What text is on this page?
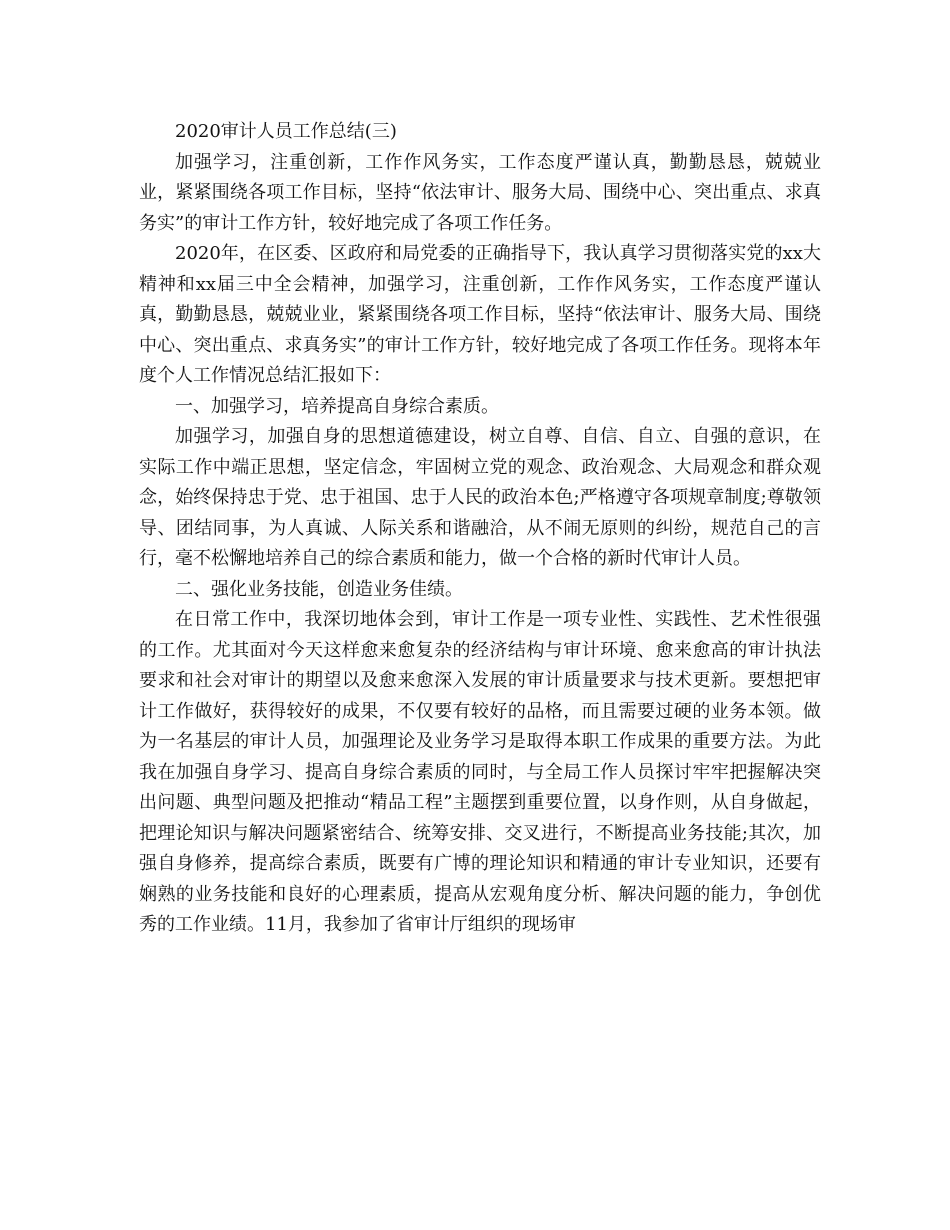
2020审计人员工作总结(三)

加强学习，注重创新，工作作风务实，工作态度严谨认真，勤勤恳恳，兢兢业业，紧紧围绕各项工作目标，坚持“依法审计、服务大局、围绕中心、突出重点、求真务实”的审计工作方针，较好地完成了各项工作任务。

2020年，在区委、区政府和局党委的正确指导下，我认真学习贯彻落实党的xx大精神和xx届三中全会精神，加强学习，注重创新，工作作风务实，工作态度严谨认真，勤勤恳恳，兢兢业业，紧紧围绕各项工作目标，坚持“依法审计、服务大局、围绕中心、突出重点、求真务实”的审计工作方针，较好地完成了各项工作任务。现将本年度个人工作情况总结汇报如下：

一、加强学习，培养提高自身综合素质。

加强学习，加强自身的思想道德建设，树立自尊、自信、自立、自强的意识，在实际工作中端正思想，坚定信念，牢固树立党的观念、政治观念、大局观念和群众观念，始终保持忠于党、忠于祖国、忠于人民的政治本色;严格遵守各项规章制度;尊敬领导、团结同事，为人真诚、人际关系和谐融洽，从不闹无原则的纠纷，规范自己的言行，毫不松懈地培养自己的综合素质和能力，做一个合格的新时代审计人员。

二、强化业务技能，创造业务佳绩。

在日常工作中，我深切地体会到，审计工作是一项专业性、实践性、艺术性很强的工作。尤其面对今天这样愈来愈复杂的经济结构与审计环境、愈来愈高的审计执法要求和社会对审计的期望以及愈来愈深入发展的审计质量要求与技术更新。要想把审计工作做好，获得较好的成果，不仅要有较好的品格，而且需要过硬的业务本领。做为一名基层的审计人员，加强理论及业务学习是取得本职工作成果的重要方法。为此我在加强自身学习、提高自身综合素质的同时，与全局工作人员探讨牢牢把握解决突出问题、典型问题及把推动“精品工程”主题摆到重要位置，以身作则，从自身做起，把理论知识与解决问题紧密结合、统筹安排、交叉进行，不断提高业务技能;其次，加强自身修养，提高综合素质，既要有广博的理论知识和精通的审计专业知识，还要有娴熟的业务技能和良好的心理素质，提高从宏观角度分析、解决问题的能力，争创优秀的工作业绩。11月，我参加了省审计厅组织的现场审
